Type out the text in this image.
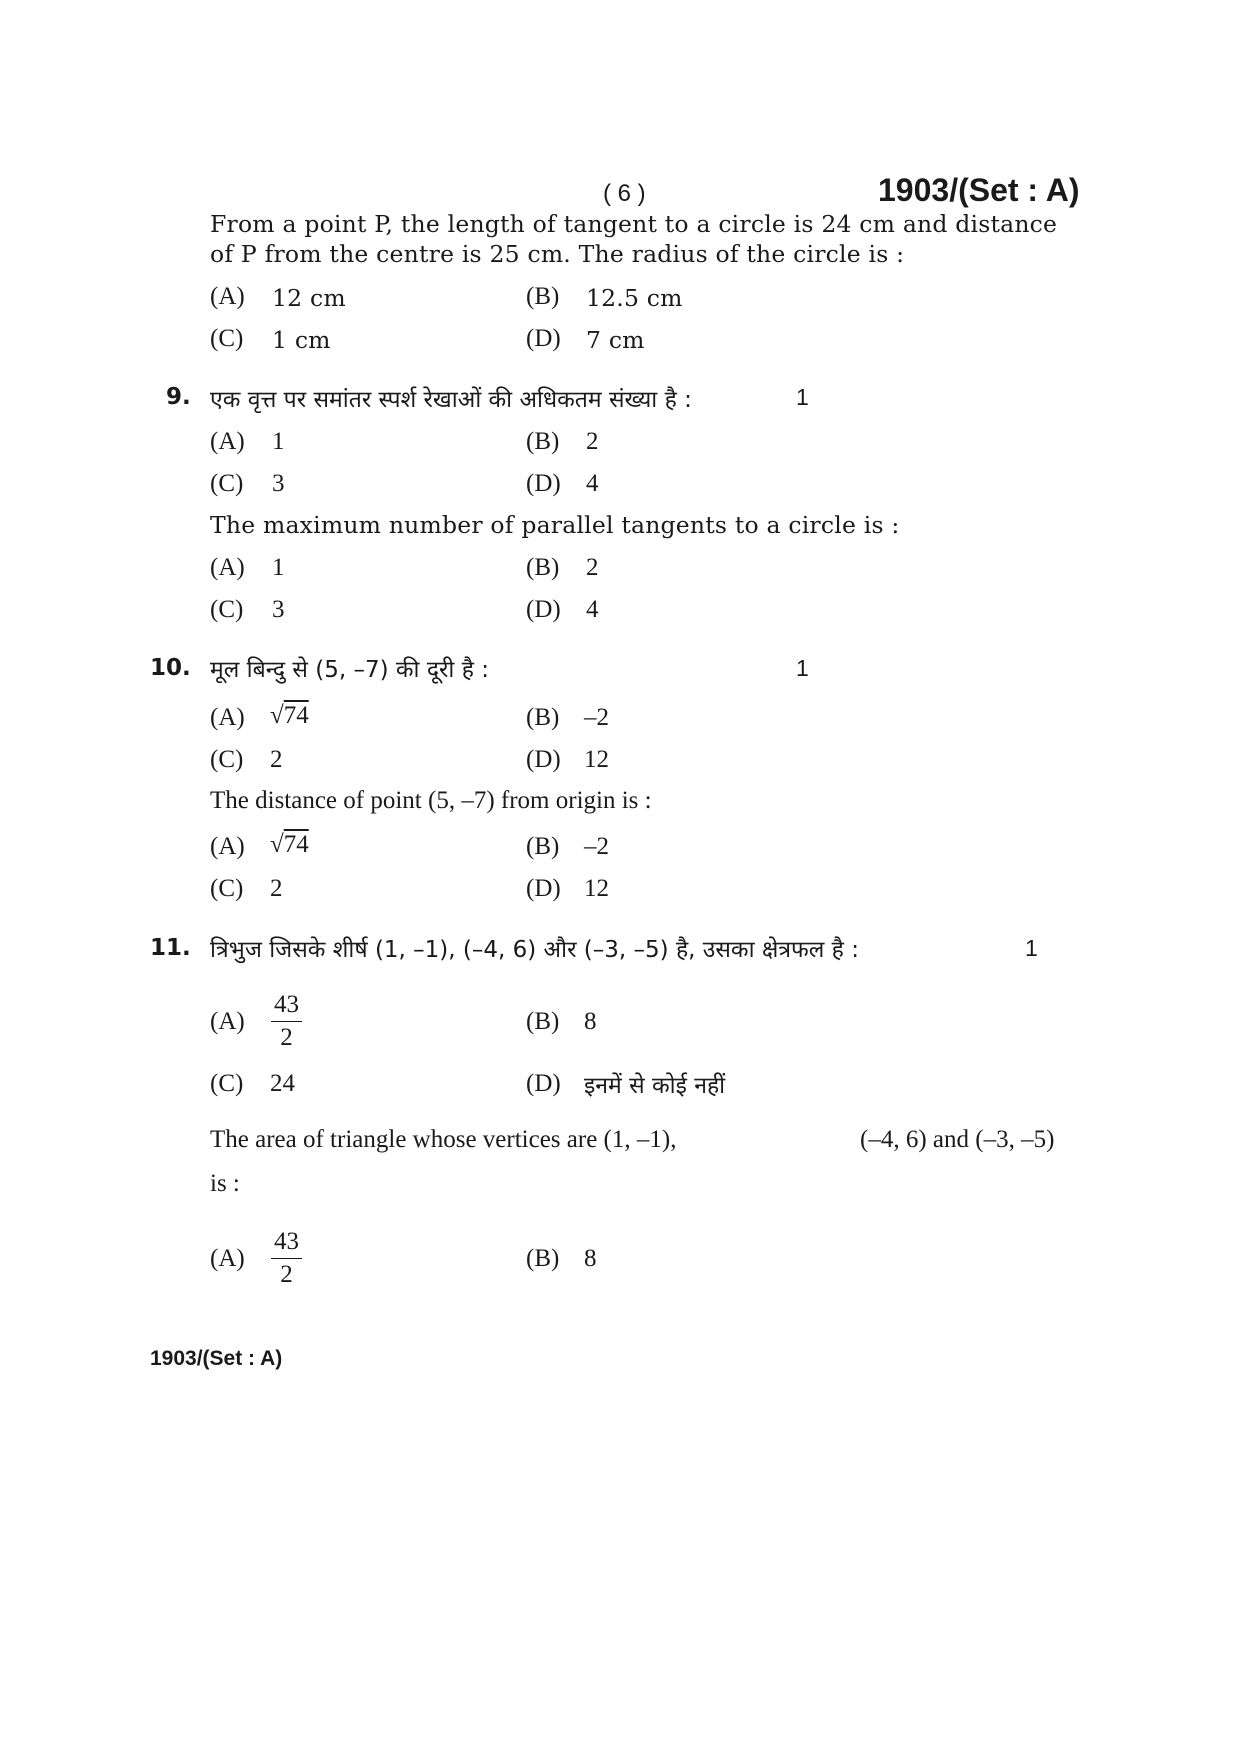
( 6 )	1903/(Set : A)
From a point P, the length of tangent to a circle is 24 cm and distance
of P from the centre is 25 cm. The radius of the circle is :
(A) 12 cm	(B) 12.5 cm
(C) 1 cm	(D) 7 cm
9. एक वृत्त पर समांतर स्पर्श रेखाओं की अधिकतम संख्या है :	1
(A) 1	(B) 2
(C) 3	(D) 4
The maximum number of parallel tangents to a circle is :
(A) 1	(B) 2
(C) 3	(D) 4
10. मूल बिन्दु से (5, –7) की दूरी है :	1
(A) √74	(B) –2
(C) 2	(D) 12
The distance of point (5, –7) from origin is :
(A) √74	(B) –2
(C) 2	(D) 12
11. त्रिभुज जिसके शीर्ष (1, –1), (–4, 6) और (–3, –5) है, उसका क्षेत्रफल है :	1
$(A) \frac{43}{2}$	(B) 8
(C) 24	(D) इनमें से कोई नहीं
The area of triangle whose vertices are (1, –1),	(–4, 6) and (–3, –5)
is :
$(A) \frac{43}{2}$	(B) 8
1903/(Set : A)
